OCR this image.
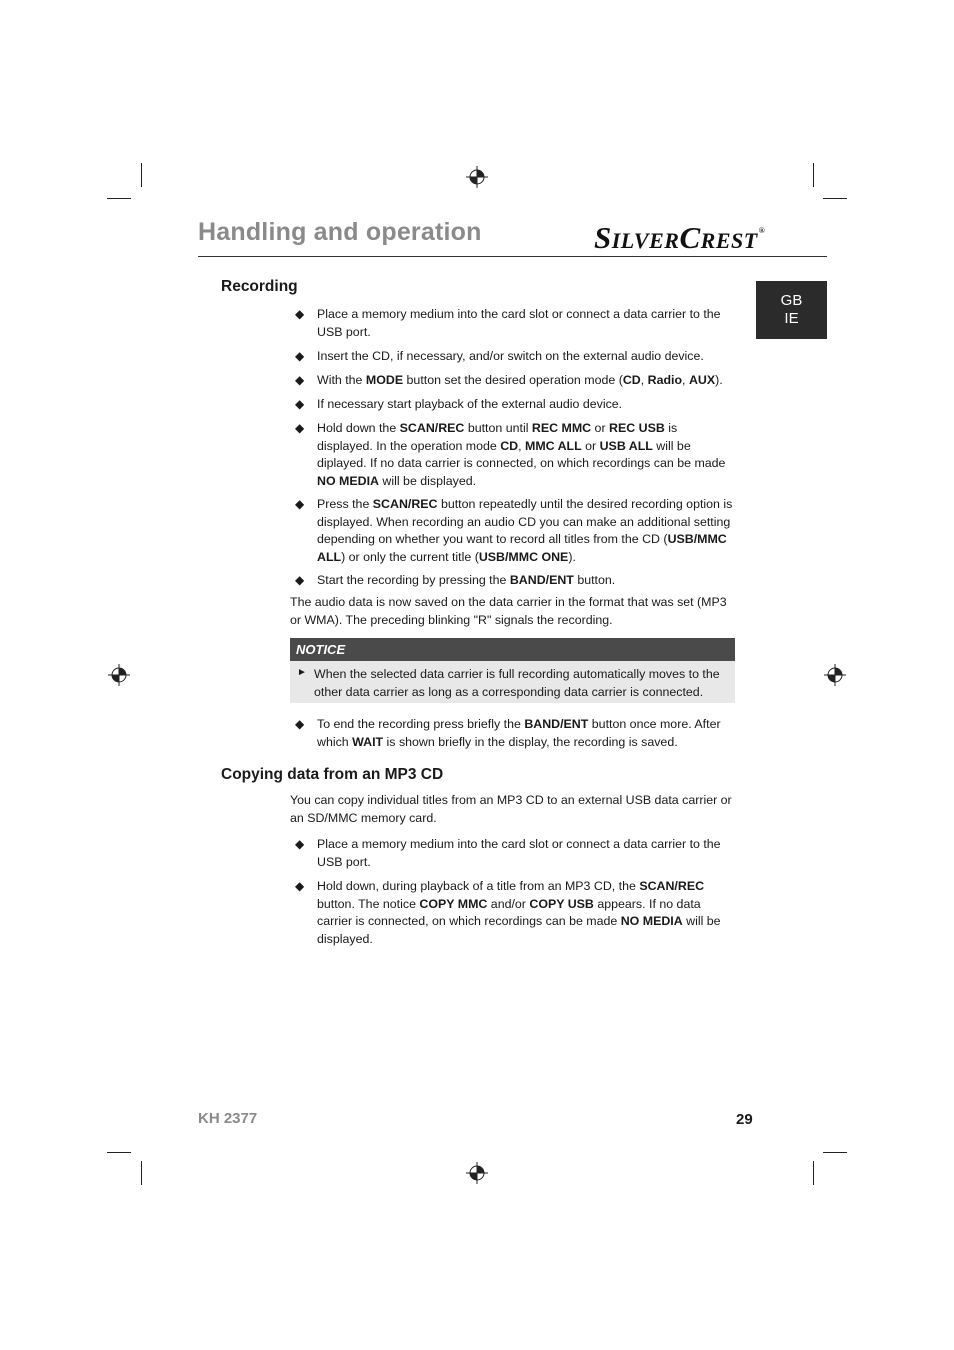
Handling and operation	SILVERCREST®
GB
IE
Recording
◆ Place a memory medium into the card slot or connect a data carrier to the USB port.
◆ Insert the CD, if necessary, and/or switch on the external audio device.
◆ With the MODE button set the desired operation mode (CD, Radio, AUX).
◆ If necessary start playback of the external audio device.
◆ Hold down the SCAN/REC button until REC MMC or REC USB is displayed. In the operation mode CD, MMC ALL or USB ALL will be diplayed. If no data carrier is connected, on which recordings can be made NO MEDIA will be displayed.
◆ Press the SCAN/REC button repeatedly until the desired recording option is displayed. When recording an audio CD you can make an additional setting depending on whether you want to record all titles from the CD (USB/MMC ALL) or only the current title (USB/MMC ONE).
◆ Start the recording by pressing the BAND/ENT button.
The audio data is now saved on the data carrier in the format that was set (MP3 or WMA). The preceding blinking "R" signals the recording.
NOTICE
► When the selected data carrier is full recording automatically moves to the other data carrier as long as a corresponding data carrier is connected.
◆ To end the recording press briefly the BAND/ENT button once more. After which WAIT is shown briefly in the display, the recording is saved.
Copying data from an MP3 CD
You can copy individual titles from an MP3 CD to an external USB data carrier or an SD/MMC memory card.
◆ Place a memory medium into the card slot or connect a data carrier to the USB port.
◆ Hold down, during playback of a title from an MP3 CD, the SCAN/REC button. The notice COPY MMC and/or COPY USB appears. If no data carrier is connected, on which recordings can be made NO MEDIA will be displayed.
KH 2377	29
